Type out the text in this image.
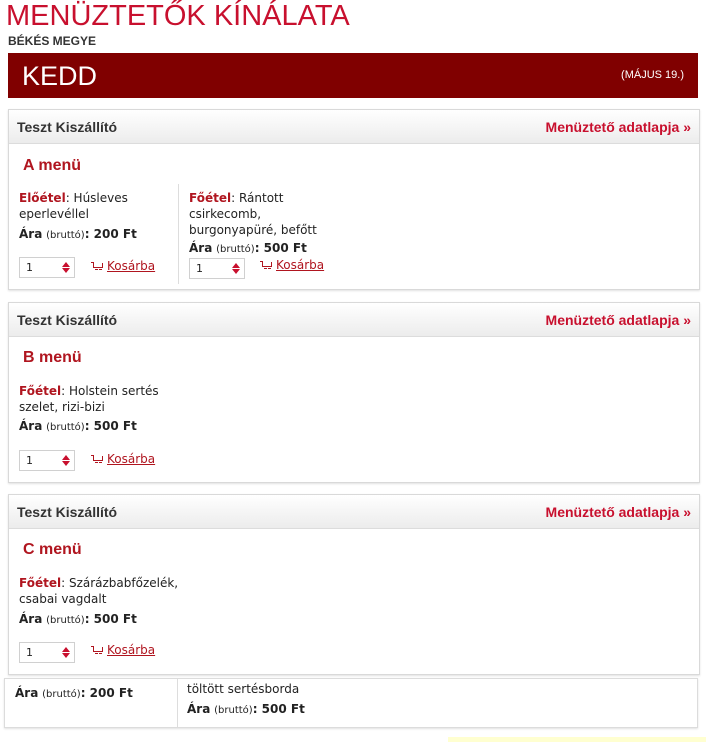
MENÜZTETŐK KÍNÁLATA
BÉKÉS MEGYE
KEDD	(MÁJUS 19.)
Teszt Kiszállító	Menüztető adatlapja »
A menü
Előétel: Húsleves
eperlevéllel
Ára (bruttó): 200 Ft
1	Kosárba
Főétel: Rántott
csirkecomb,
burgonyapüré, befőtt
Ára (bruttó): 500 Ft
1	Kosárba
Teszt Kiszállító	Menüztető adatlapja »
B menü
Főétel: Holstein sertés
szelet, rizi-bizi
Ára (bruttó): 500 Ft
1	Kosárba
Teszt Kiszállító	Menüztető adatlapja »
C menü
Főétel: Szárázbabfőzelék,
csabai vagdalt
Ára (bruttó): 500 Ft
1	Kosárba
Ára (bruttó): 200 Ft	töltött sertésborda
Ára (bruttó): 500 Ft
